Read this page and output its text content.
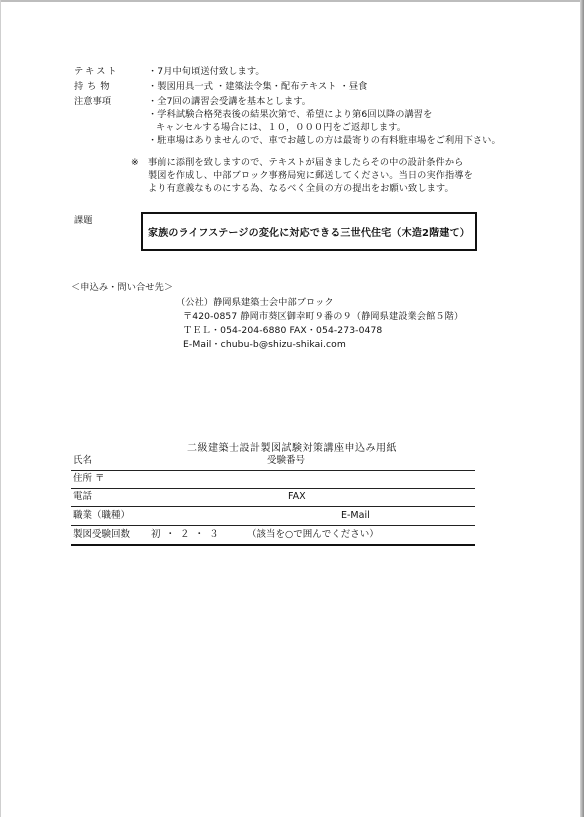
テキスト	・7月中旬頃送付致します。
持ち物	・製図用具一式 ・建築法令集・配布テキスト ・昼食
注意事項	・全7回の講習会受講を基本とします。
・学科試験合格発表後の結果次第で、希望により第6回以降の講習を
キャンセルする場合には、１０，０００円をご返却します。
・駐車場はありませんので、車でお越しの方は最寄りの有料駐車場をご利用下さい。
※ 事前に添削を致しますので、テキストが届きましたらその中の設計条件から
製図を作成し、中部ブロック事務局宛に郵送してください。当日の実作指導を
より有意義なものにする為、なるべく全員の方の提出をお願い致します。
課題
家族のライフステージの変化に対応できる三世代住宅（木造2階建て）
＜申込み・問い合せ先＞
（公社）静岡県建築士会中部ブロック
〒420-0857 静岡市葵区御幸町９番の９（静岡県建設業会館５階）
ＴＥＬ・054-204-6880 FAX・054-273-0478
E-Mail・chubu-b@shizu-shikai.com
二級建築士設計製図試験対策講座申込み用紙
氏名	受験番号
住所 〒
電話	FAX
職業（職種）	E-Mail
製図受験回数 初 ・ ２ ・ ３	（該当を○で囲んでください）
